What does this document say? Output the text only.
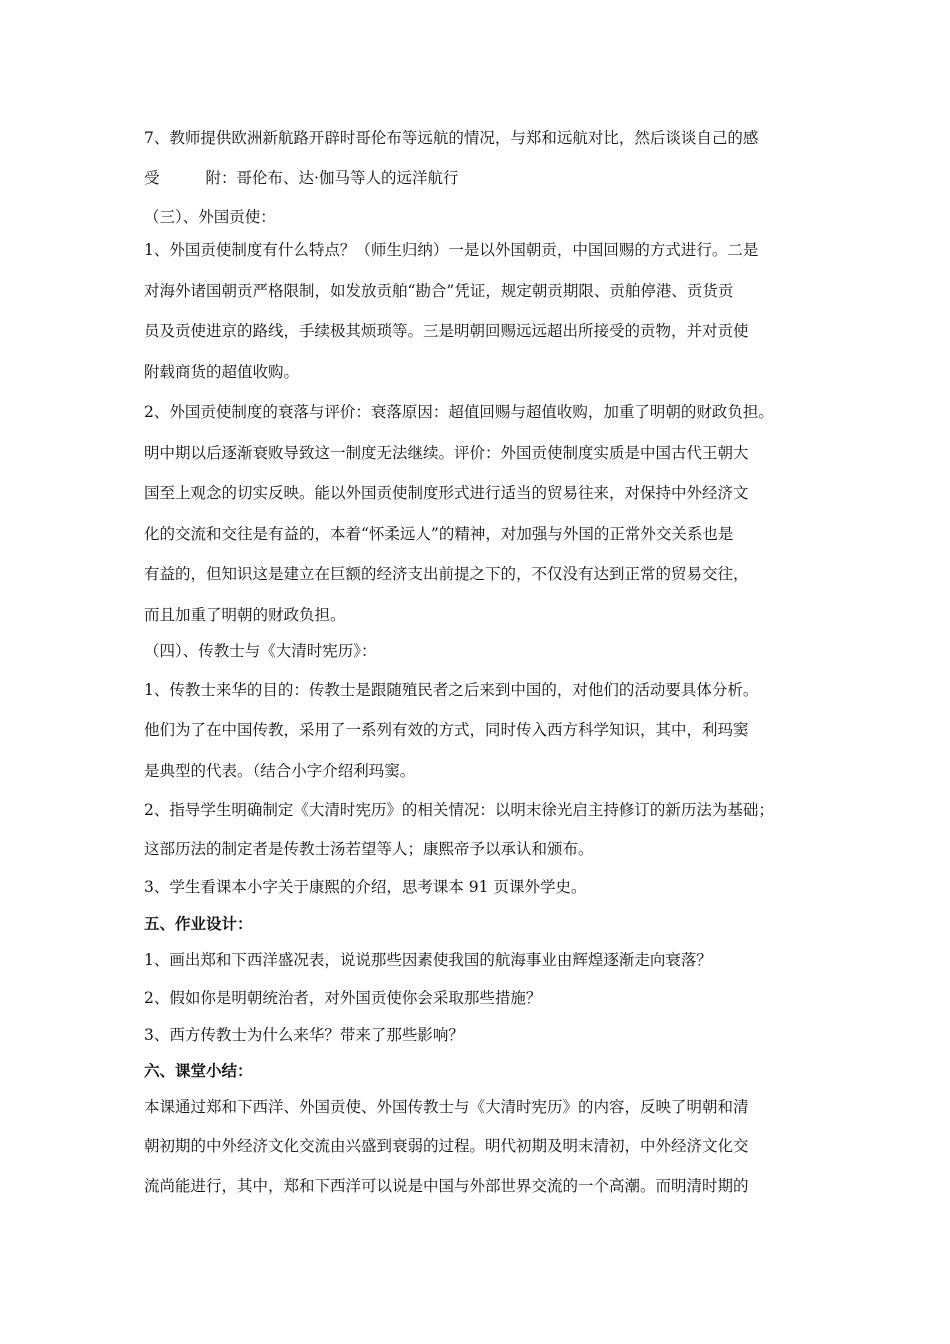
7、教师提供欧洲新航路开辟时哥伦布等远航的情况，与郑和远航对比，然后谈谈自己的感
受	附：哥伦布、达·伽马等人的远洋航行
（三）、外国贡使：
1、外国贡使制度有什么特点？（师生归纳）一是以外国朝贡，中国回赐的方式进行。二是
对海外诸国朝贡严格限制，如发放贡舶“勘合”凭证，规定朝贡期限、贡舶停港、贡货贡
员及贡使进京的路线，手续极其烦琐等。三是明朝回赐远远超出所接受的贡物，并对贡使
附载商货的超值收购。
2、外国贡使制度的衰落与评价：衰落原因：超值回赐与超值收购，加重了明朝的财政负担。
明中期以后逐渐衰败导致这一制度无法继续。评价：外国贡使制度实质是中国古代王朝大
国至上观念的切实反映。能以外国贡使制度形式进行适当的贸易往来，对保持中外经济文
化的交流和交往是有益的，本着“怀柔远人”的精神，对加强与外国的正常外交关系也是
有益的，但知识这是建立在巨额的经济支出前提之下的，不仅没有达到正常的贸易交往，
而且加重了明朝的财政负担。
（四）、传教士与《大清时宪历》：
1、传教士来华的目的：传教士是跟随殖民者之后来到中国的，对他们的活动要具体分析。
他们为了在中国传教，采用了一系列有效的方式，同时传入西方科学知识，其中，利玛窦
是典型的代表。（结合小字介绍利玛窦。
2、指导学生明确制定《大清时宪历》的相关情况：以明末徐光启主持修订的新历法为基础；
这部历法的制定者是传教士汤若望等人；康熙帝予以承认和颁布。
3、学生看课本小字关于康熙的介绍，思考课本 91 页课外学史。
五、作业设计：
1、画出郑和下西洋盛况表，说说那些因素使我国的航海事业由辉煌逐渐走向衰落？
2、假如你是明朝统治者，对外国贡使你会采取那些措施？
3、西方传教士为什么来华？带来了那些影响？
六、课堂小结：
本课通过郑和下西洋、外国贡使、外国传教士与《大清时宪历》的内容，反映了明朝和清
朝初期的中外经济文化交流由兴盛到衰弱的过程。明代初期及明末清初，中外经济文化交
流尚能进行，其中，郑和下西洋可以说是中国与外部世界交流的一个高潮。而明清时期的
